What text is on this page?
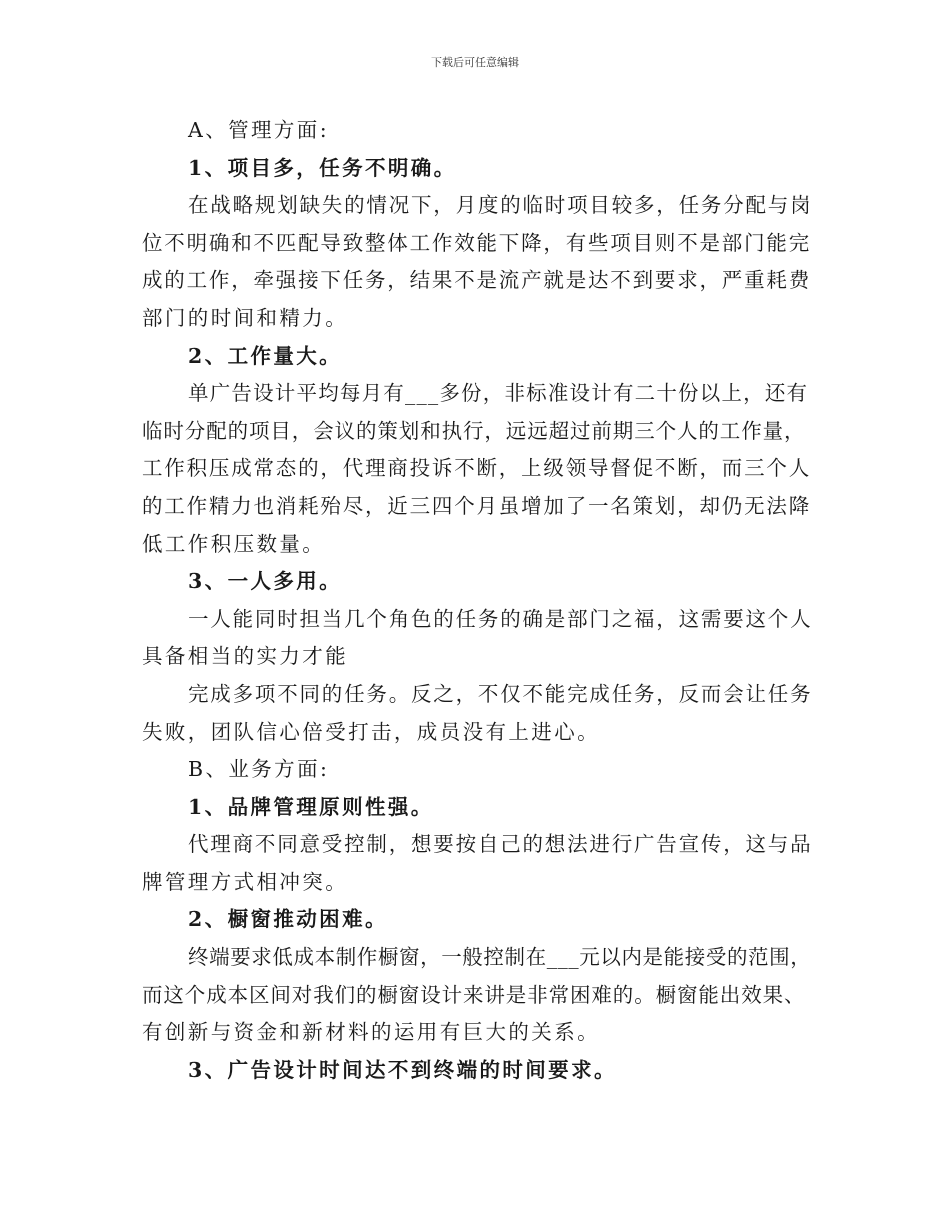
下载后可任意编辑
A、管理方面:
1、项目多，任务不明确。
在战略规划缺失的情况下，月度的临时项目较多，任务分配与岗
位不明确和不匹配导致整体工作效能下降，有些项目则不是部门能完
成的工作，牵强接下任务，结果不是流产就是达不到要求，严重耗费
部门的时间和精力。
2、工作量大。
单广告设计平均每月有___多份，非标准设计有二十份以上，还有
临时分配的项目，会议的策划和执行，远远超过前期三个人的工作量，
工作积压成常态的，代理商投诉不断，上级领导督促不断，而三个人
的工作精力也消耗殆尽，近三四个月虽增加了一名策划，却仍无法降
低工作积压数量。
3、一人多用。
一人能同时担当几个角色的任务的确是部门之福，这需要这个人
具备相当的实力才能
完成多项不同的任务。反之，不仅不能完成任务，反而会让任务
失败，团队信心倍受打击，成员没有上进心。
B、业务方面:
1、品牌管理原则性强。
代理商不同意受控制，想要按自己的想法进行广告宣传，这与品
牌管理方式相冲突。
2、橱窗推动困难。
终端要求低成本制作橱窗，一般控制在___元以内是能接受的范围，
而这个成本区间对我们的橱窗设计来讲是非常困难的。橱窗能出效果、
有创新与资金和新材料的运用有巨大的关系。
3、广告设计时间达不到终端的时间要求。
